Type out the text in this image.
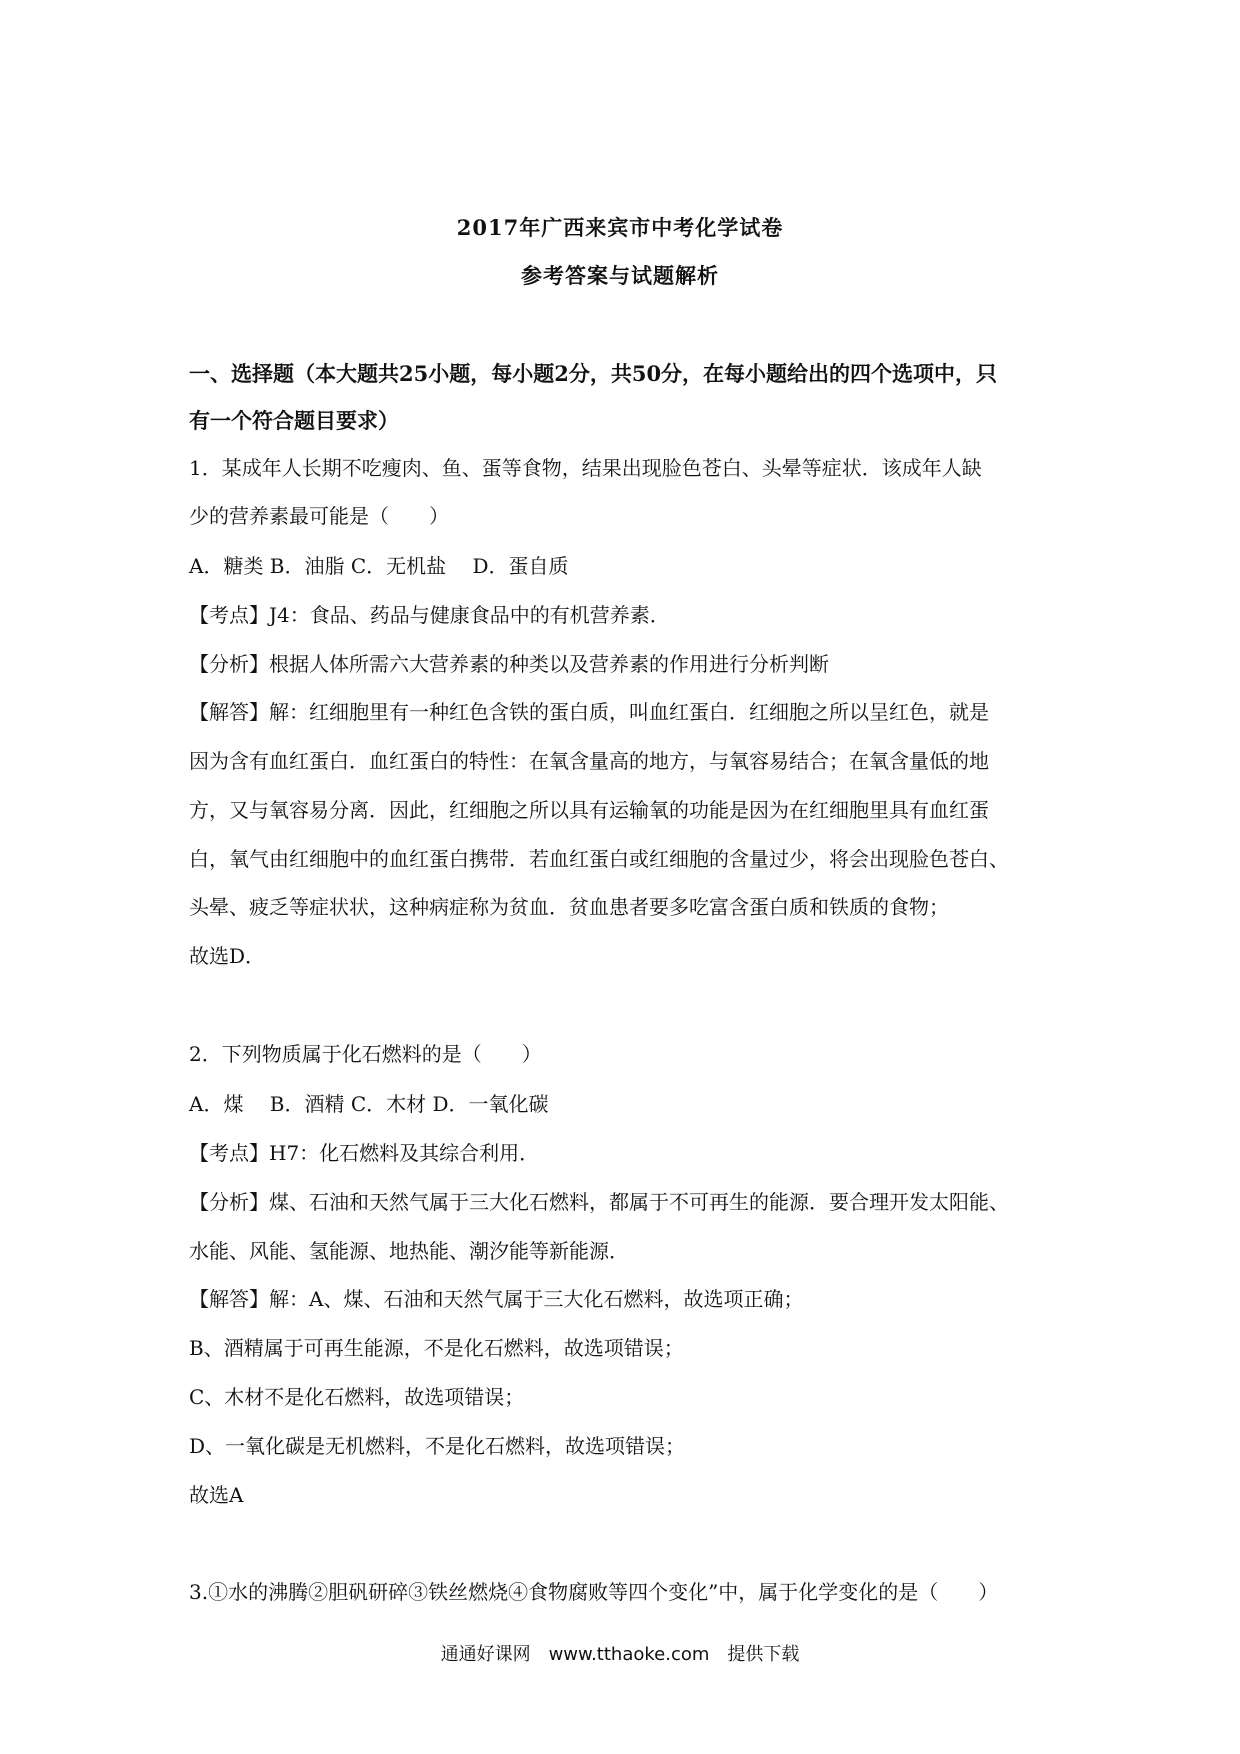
2017年广西来宾市中考化学试卷
参考答案与试题解析
一、选择题（本大题共25小题，每小题2分，共50分，在每小题给出的四个选项中，只
有一个符合题目要求）
1．某成年人长期不吃瘦肉、鱼、蛋等食物，结果出现脸色苍白、头晕等症状．该成年人缺
少的营养素最可能是（　　）
A．糖类 B．油脂 C．无机盐　 D．蛋自质
【考点】J4：食品、药品与健康食品中的有机营养素．
【分析】根据人体所需六大营养素的种类以及营养素的作用进行分析判断
【解答】解：红细胞里有一种红色含铁的蛋白质，叫血红蛋白．红细胞之所以呈红色，就是
因为含有血红蛋白．血红蛋白的特性：在氧含量高的地方，与氧容易结合；在氧含量低的地
方，又与氧容易分离．因此，红细胞之所以具有运输氧的功能是因为在红细胞里具有血红蛋
白，氧气由红细胞中的血红蛋白携带．若血红蛋白或红细胞的含量过少，将会出现脸色苍白、
头晕、疲乏等症状状，这种病症称为贫血．贫血患者要多吃富含蛋白质和铁质的食物；
故选D．
2．下列物质属于化石燃料的是（　　）
A．煤　 B．酒精 C．木材 D．一氧化碳
【考点】H7：化石燃料及其综合利用．
【分析】煤、石油和天然气属于三大化石燃料，都属于不可再生的能源．要合理开发太阳能、
水能、风能、氢能源、地热能、潮汐能等新能源．
【解答】解：A、煤、石油和天然气属于三大化石燃料，故选项正确；
B、酒精属于可再生能源，不是化石燃料，故选项错误；
C、木材不是化石燃料，故选项错误；
D、一氧化碳是无机燃料，不是化石燃料，故选项错误；
故选A
3.①水的沸腾②胆矾研碎③铁丝燃烧④食物腐败等四个变化”中，属于化学变化的是（　　）
通通好课网　www.tthaoke.com　提供下载
